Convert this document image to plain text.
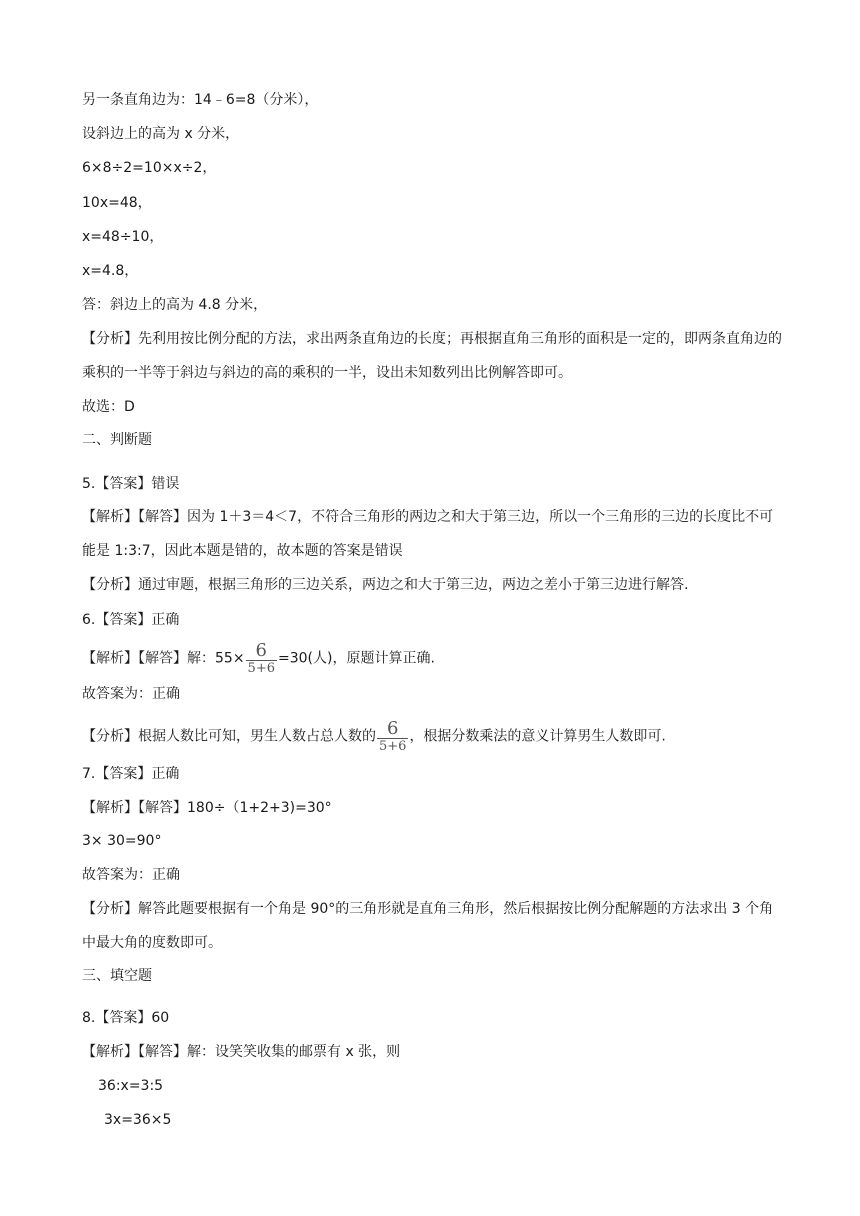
另一条直角边为：14﹣6=8（分米），
设斜边上的高为 x 分米，
6×8÷2=10×x÷2，
10x=48，
x=48÷10，
x=4.8，
答：斜边上的高为 4.8 分米，
【分析】先利用按比例分配的方法，求出两条直角边的长度；再根据直角三角形的面积是一定的，即两条直角边的乘积的一半等于斜边与斜边的高的乘积的一半，设出未知数列出比例解答即可。
故选：D
二、判断题
5.【答案】错误
【解析】【解答】因为 1＋3＝4＜7，不符合三角形的两边之和大于第三边，所以一个三角形的三边的长度比不可能是 1:3:7，因此本题是错的，故本题的答案是错误
【分析】通过审题，根据三角形的三边关系，两边之和大于第三边，两边之差小于第三边进行解答.
6.【答案】正确
【解析】【解答】解：$55\times \frac{6}{5+6} =30$(人)，原题计算正确.
故答案为：正确
【分析】根据人数比可知，男生人数占总人数的 $\frac{6}{5+6}$ ，根据分数乘法的意义计算男生人数即可.
7.【答案】正确
【解析】【解答】180÷（1+2+3)=30°
3× 30=90°
故答案为：正确
【分析】解答此题要根据有一个角是 90°的三角形就是直角三角形，然后根据按比例分配解题的方法求出 3 个角中最大角的度数即可。
三、填空题
8.【答案】60
【解析】【解答】解：设笑笑收集的邮票有 x 张，则
36:x=3:5
3x=36×5
